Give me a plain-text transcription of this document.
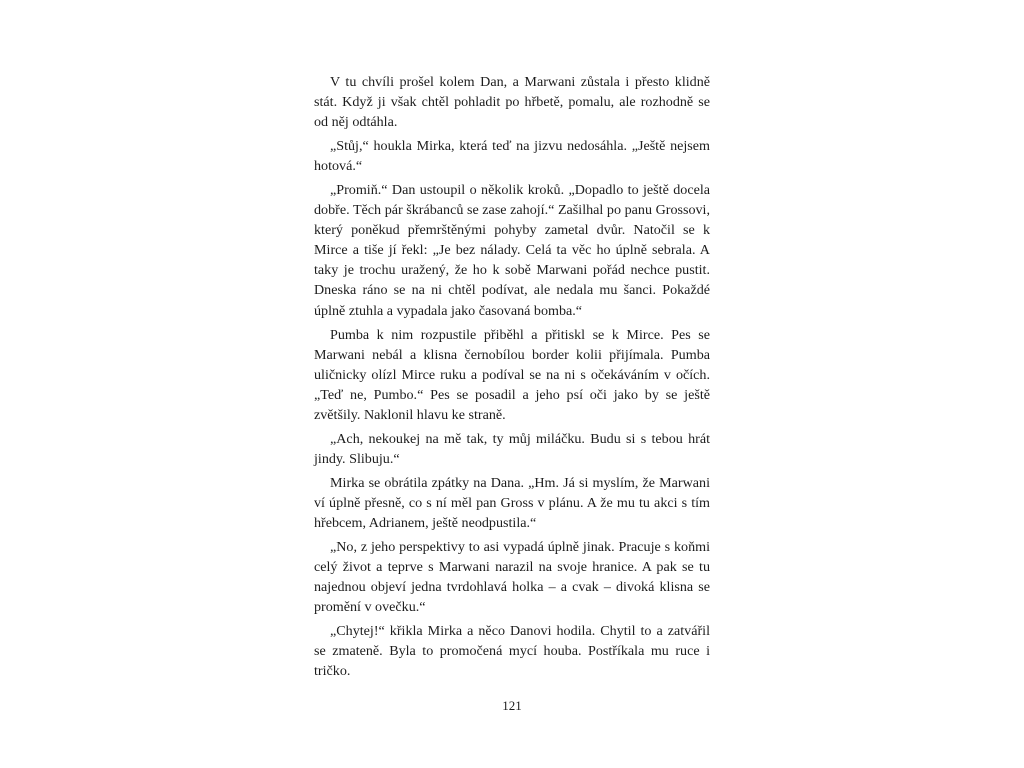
V tu chvíli prošel kolem Dan, a Marwani zůstala i přesto klidně stát. Když ji však chtěl pohladit po hřbetě, pomalu, ale rozhodně se od něj odtáhla.

„Stůj,“ houkla Mirka, která teď na jizvu nedosáhla. „Ještě nejsem hotová.“

„Promiň.“ Dan ustoupil o několik kroků. „Dopadlo to ještě docela dobře. Těch pár škrábanců se zase zahojí.“ Zašilhal po panu Grossovi, který poněkud přemrštěnými pohyby zametal dvůr. Natočil se k Mirce a tiše jí řekl: „Je bez nálady. Celá ta věc ho úplně sebrala. A taky je trochu uražený, že ho k sobě Marwani pořád nechce pustit. Dneska ráno se na ni chtěl podívat, ale nedala mu šanci. Pokaždé úplně ztuhla a vypadala jako časovaná bomba.“

Pumba k nim rozpustile přiběhl a přitiskl se k Mirce. Pes se Marwani nebál a klisna černobílou border kolii přijímala. Pumba uličnicky olízl Mirce ruku a podíval se na ni s očekáváním v očích. „Teď ne, Pumbo.“ Pes se posadil a jeho psí oči jako by se ještě zvětšily. Naklonil hlavu ke straně.

„Ach, nekoukej na mě tak, ty můj miláčku. Budu si s tebou hrát jindy. Slibuju.“

Mirka se obrátila zpátky na Dana. „Hm. Já si myslím, že Marwani ví úplně přesně, co s ní měl pan Gross v plánu. A že mu tu akci s tím hřebcem, Adrianem, ještě neodpustila.“

„No, z jeho perspektivy to asi vypadá úplně jinak. Pracuje s koňmi celý život a teprve s Marwani narazil na svoje hranice. A pak se tu najednou objeví jedna tvrdohlavá holka – a cvak – divoká klisna se promění v ovečku.“

„Chytej!“ křikla Mirka a něco Danovi hodila. Chytil to a zatvářil se zmateně. Byla to promočená mycí houba. Postříkala mu ruce i tričko.

121
